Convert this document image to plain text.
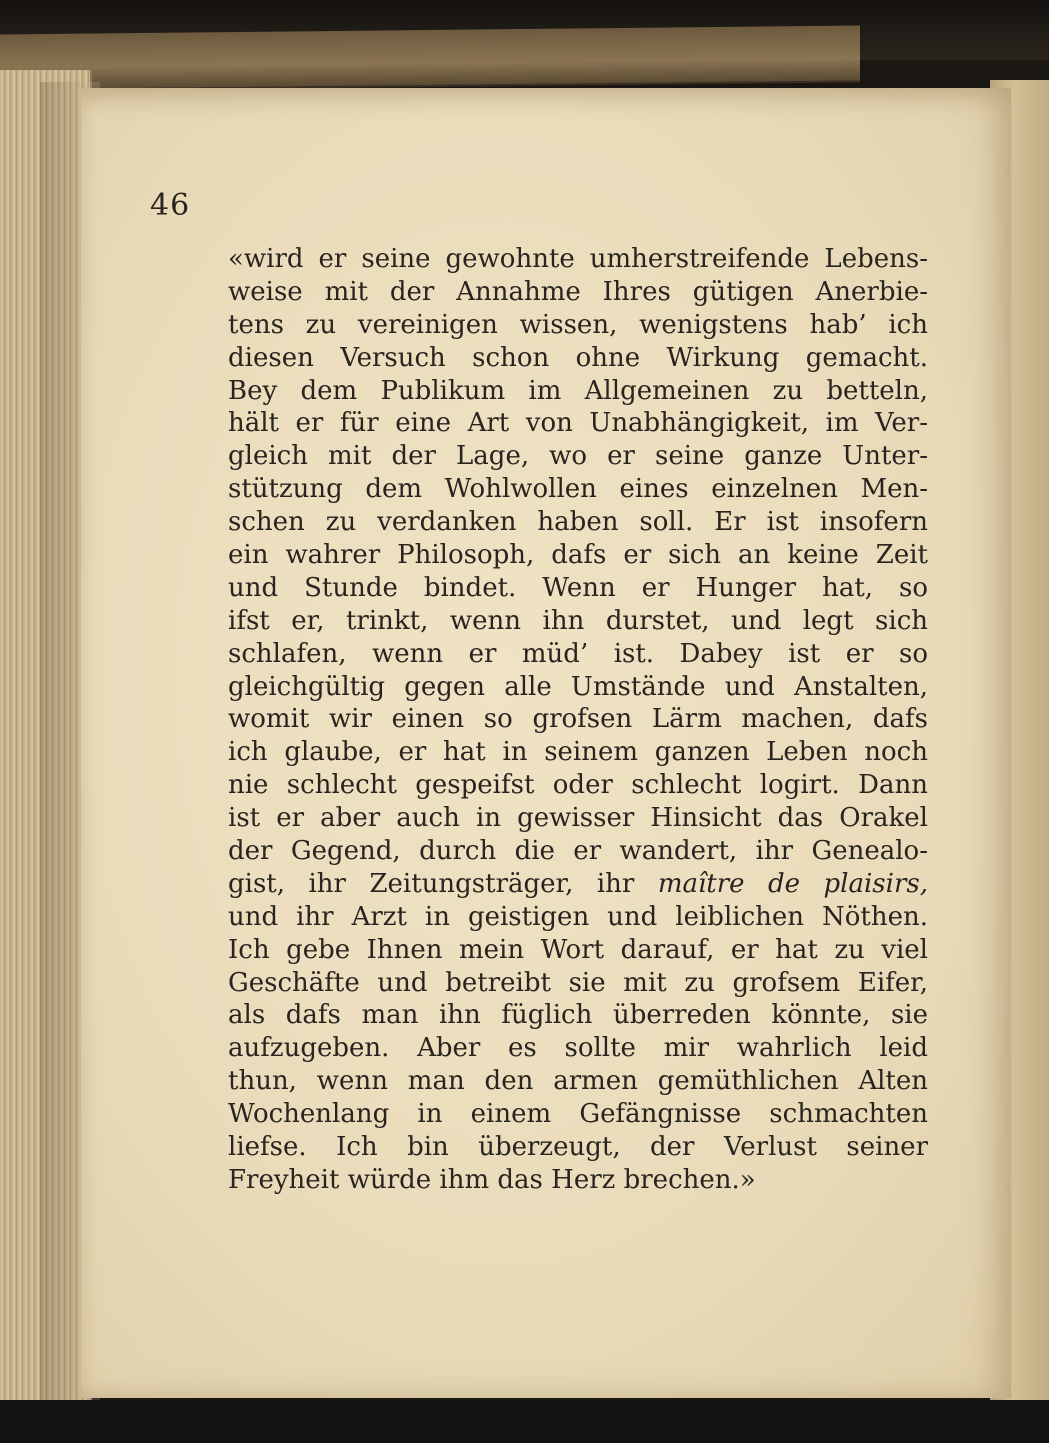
46
«wird er seine gewohnte umherstreifende Lebens-
weise mit der Annahme Ihres gütigen Anerbie-
tens zu vereinigen wissen, wenigstens hab’ ich
diesen Versuch schon ohne Wirkung gemacht.
Bey dem Publikum im Allgemeinen zu betteln,
hält er für eine Art von Unabhängigkeit, im Ver-
gleich mit der Lage, wo er seine ganze Unter-
stützung dem Wohlwollen eines einzelnen Men-
schen zu verdanken haben soll. Er ist insofern
ein wahrer Philosoph, dafs er sich an keine Zeit
und Stunde bindet. Wenn er Hunger hat, so
ifst er, trinkt, wenn ihn durstet, und legt sich
schlafen, wenn er müd’ ist. Dabey ist er so
gleichgültig gegen alle Umstände und Anstalten,
womit wir einen so grofsen Lärm machen, dafs
ich glaube, er hat in seinem ganzen Leben noch
nie schlecht gespeifst oder schlecht logirt. Dann
ist er aber auch in gewisser Hinsicht das Orakel
der Gegend, durch die er wandert, ihr Genealo-
gist, ihr Zeitungsträger, ihr maître de plaisirs,
und ihr Arzt in geistigen und leiblichen Nöthen.
Ich gebe Ihnen mein Wort darauf, er hat zu viel
Geschäfte und betreibt sie mit zu grofsem Eifer,
als dafs man ihn füglich überreden könnte, sie
aufzugeben. Aber es sollte mir wahrlich leid
thun, wenn man den armen gemüthlichen Alten
Wochenlang in einem Gefängnisse schmachten
liefse. Ich bin überzeugt, der Verlust seiner
Freyheit würde ihm das Herz brechen.»
